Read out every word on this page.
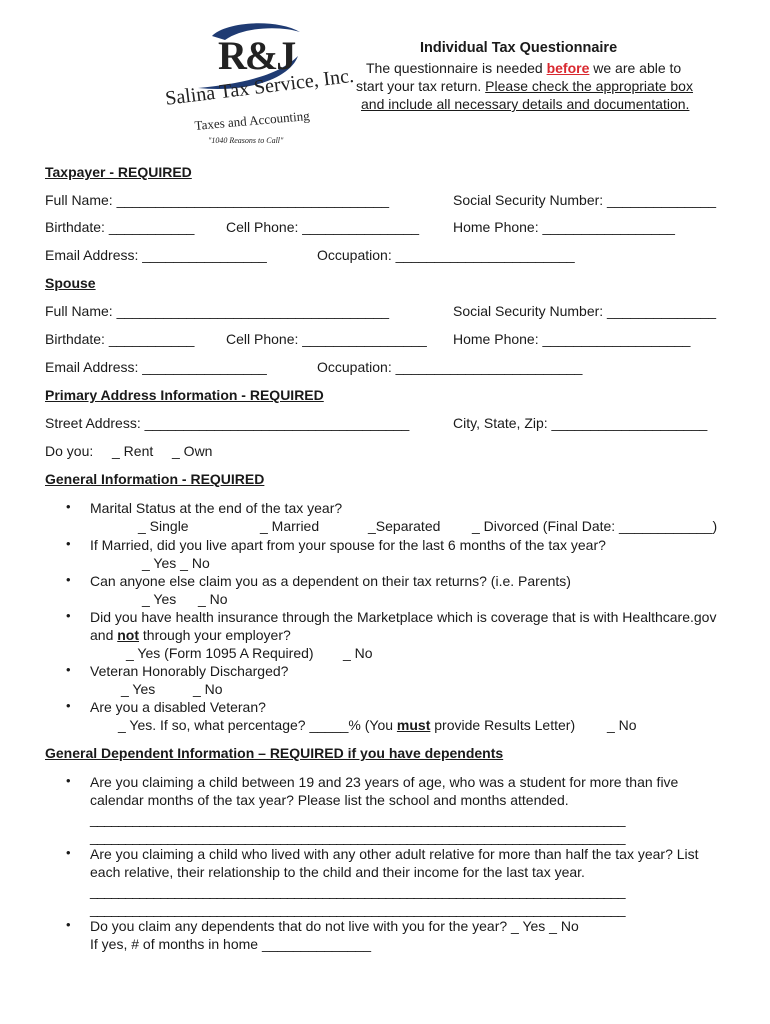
R&J
Salina Tax Service, Inc.
Taxes and Accounting
"1040 Reasons to Call"
Individual Tax Questionnaire
The questionnaire is needed before we are able to
start your tax return. Please check the appropriate box
and include all necessary details and documentation.
Taxpayer - REQUIRED
Full Name: ___________________________________	Social Security Number: ______________
Birthdate: ___________ Cell Phone: _______________ Home Phone: _________________
Email Address: ________________	Occupation: _______________________
Spouse
Full Name: ___________________________________	Social Security Number: ______________
Birthdate: ___________ Cell Phone: ________________ Home Phone: ___________________
Email Address: ________________	Occupation: ________________________
Primary Address Information - REQUIRED
Street Address: __________________________________	City, State, Zip: ____________________
Do you: _ Rent _ Own
General Information - REQUIRED
• Marital Status at the end of the tax year?
_ Single	_ Married	_Separated _ Divorced (Final Date: ____________)
• If Married, did you live apart from your spouse for the last 6 months of the tax year?
_ Yes _ No
• Can anyone else claim you as a dependent on their tax returns? (i.e. Parents)
_ Yes _ No
• Did you have health insurance through the Marketplace which is coverage that is with Healthcare.gov
and not through your employer?
_ Yes (Form 1095 A Required) _ No
• Veteran Honorably Discharged?
_ Yes	_ No
• Are you a disabled Veteran?
_ Yes. If so, what percentage? _____% (You must provide Results Letter) _ No
General Dependent Information – REQUIRED if you have dependents
• Are you claiming a child between 19 and 23 years of age, who was a student for more than five
calendar months of the tax year? Please list the school and months attended.
____________________________________________________________________________
____________________________________________________________________________
• Are you claiming a child who lived with any other adult relative for more than half the tax year? List
each relative, their relationship to the child and their income for the last tax year.
____________________________________________________________________________
____________________________________________________________________________
• Do you claim any dependents that do not live with you for the year? _ Yes _ No
If yes, # of months in home ______________
